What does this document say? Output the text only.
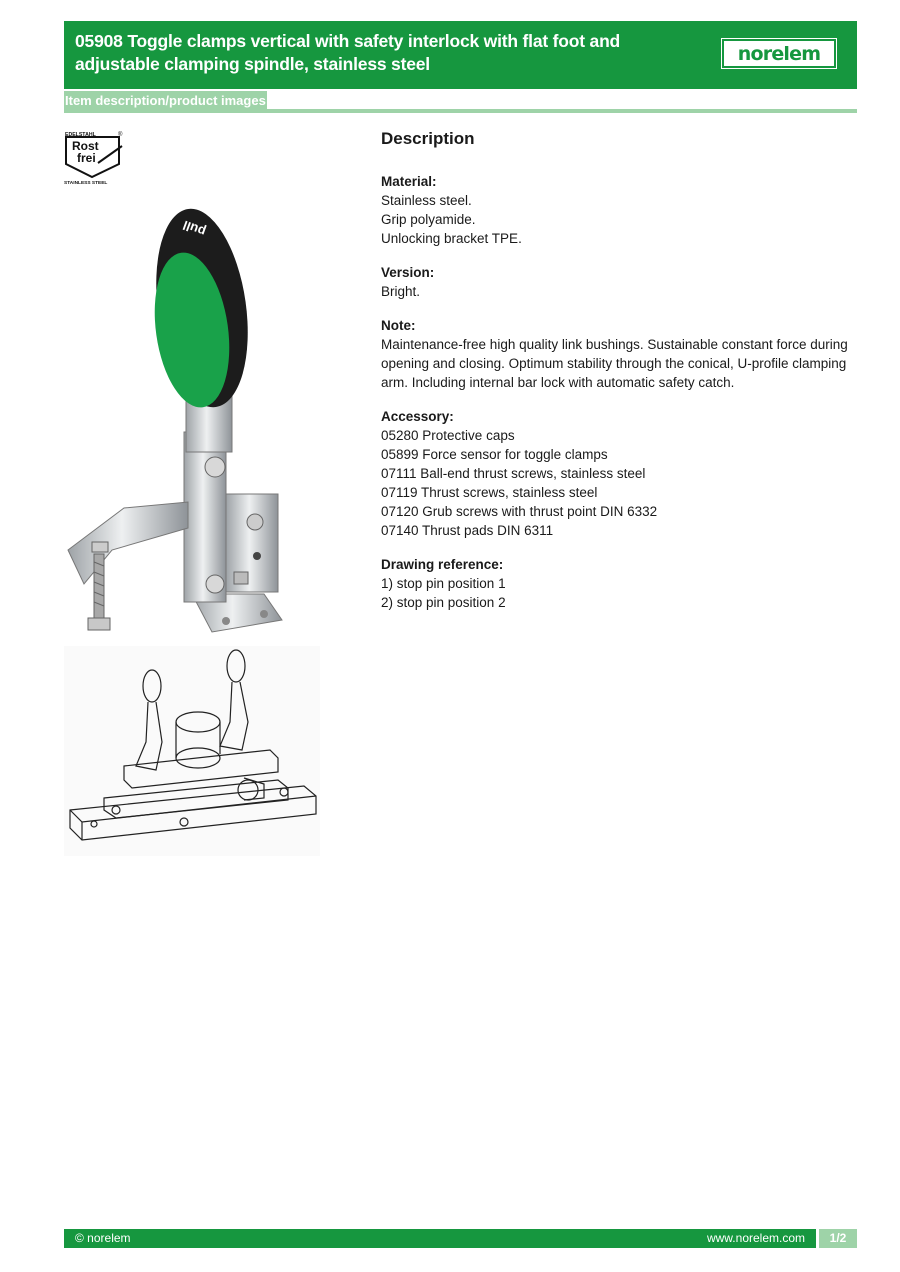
05908 Toggle clamps vertical with safety interlock with flat foot and adjustable clamping spindle, stainless steel	norelem
Item description/product images
EDELSTAHL	®
Rost
frei
STAINLESS STEEL
pull
Description
Material:
Stainless steel.
Grip polyamide.
Unlocking bracket TPE.
Version:
Bright.
Note:
Maintenance-free high quality link bushings. Sustainable constant force during opening and closing. Optimum stability through the conical, U-profile clamping arm. Including internal bar lock with automatic safety catch.
Accessory:
05280 Protective caps
05899 Force sensor for toggle clamps
07111 Ball-end thrust screws, stainless steel
07119 Thrust screws, stainless steel
07120 Grub screws with thrust point DIN 6332
07140 Thrust pads DIN 6311
Drawing reference:
1) stop pin position 1
2) stop pin position 2
© norelem	www.norelem.com	1/2
